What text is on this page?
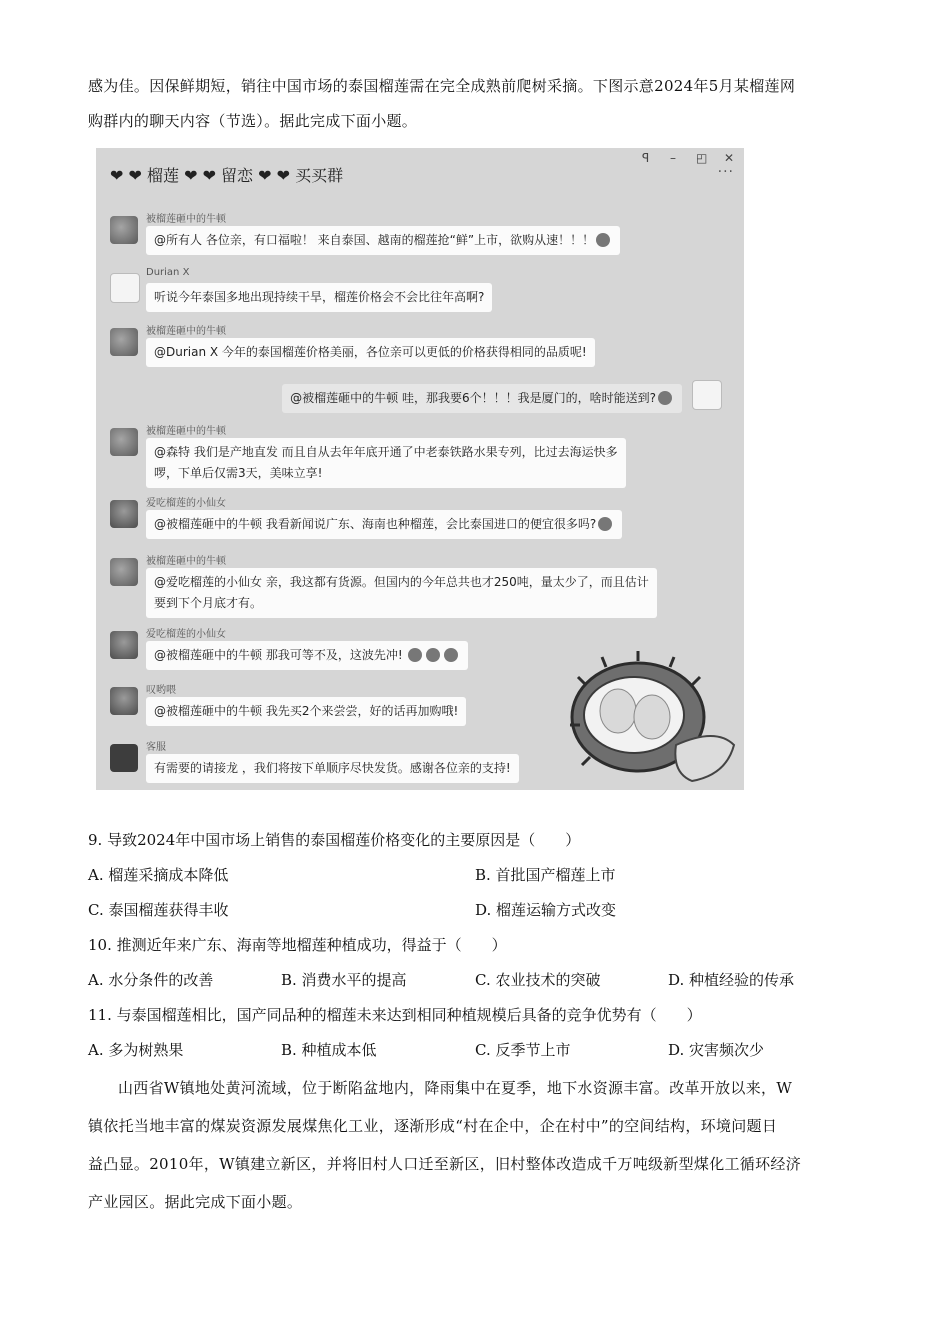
感为佳。因保鲜期短，销往中国市场的泰国榴莲需在完全成熟前爬树采摘。下图示意2024年5月某榴莲网
购群内的聊天内容（节选）。据此完成下面小题。
❤ ❤ 榴莲 ❤ ❤ 留恋 ❤ ❤ 买买群
ꟼ – ◰ ✕
···
被榴莲砸中的牛顿
@所有人 各位亲，有口福啦！ 来自泰国、越南的榴莲抢“鲜”上市，欲购从速！！！
Durian X
听说今年泰国多地出现持续干旱，榴莲价格会不会比往年高啊?
被榴莲砸中的牛顿
@Durian X 今年的泰国榴莲价格美丽，各位亲可以更低的价格获得相同的品质呢!
@被榴莲砸中的牛顿 哇，那我要6个！！！我是厦门的，啥时能送到?
被榴莲砸中的牛顿
@森特 我们是产地直发 而且自从去年年底开通了中老泰铁路水果专列，比过去海运快多
啰，下单后仅需3天，美味立享!
爱吃榴莲的小仙女
@被榴莲砸中的牛顿 我看新闻说广东、海南也种榴莲，会比泰国进口的便宜很多吗?
被榴莲砸中的牛顿
@爱吃榴莲的小仙女 亲，我这都有货源。但国内的今年总共也才250吨，量太少了，而且估计
要到下个月底才有。
爱吃榴莲的小仙女
@被榴莲砸中的牛顿 那我可等不及，这波先冲!
叹哟喂
@被榴莲砸中的牛顿 我先买2个来尝尝，好的话再加购哦!
客服
有需要的请接龙 ，我们将按下单顺序尽快发货。感谢各位亲的支持!
9. 导致2024年中国市场上销售的泰国榴莲价格变化的主要原因是（　　）
A. 榴莲采摘成本降低	B. 首批国产榴莲上市
C. 泰国榴莲获得丰收	D. 榴莲运输方式改变
10. 推测近年来广东、海南等地榴莲种植成功，得益于（　　）
A. 水分条件的改善	B. 消费水平的提高	C. 农业技术的突破	D. 种植经验的传承
11. 与泰国榴莲相比，国产同品种的榴莲未来达到相同种植规模后具备的竞争优势有（　　）
A. 多为树熟果	B. 种植成本低	C. 反季节上市	D. 灾害频次少
山西省W镇地处黄河流域，位于断陷盆地内，降雨集中在夏季，地下水资源丰富。改革开放以来，W
镇依托当地丰富的煤炭资源发展煤焦化工业，逐渐形成“村在企中，企在村中”的空间结构，环境问题日
益凸显。2010年，W镇建立新区，并将旧村人口迁至新区，旧村整体改造成千万吨级新型煤化工循环经济
产业园区。据此完成下面小题。
